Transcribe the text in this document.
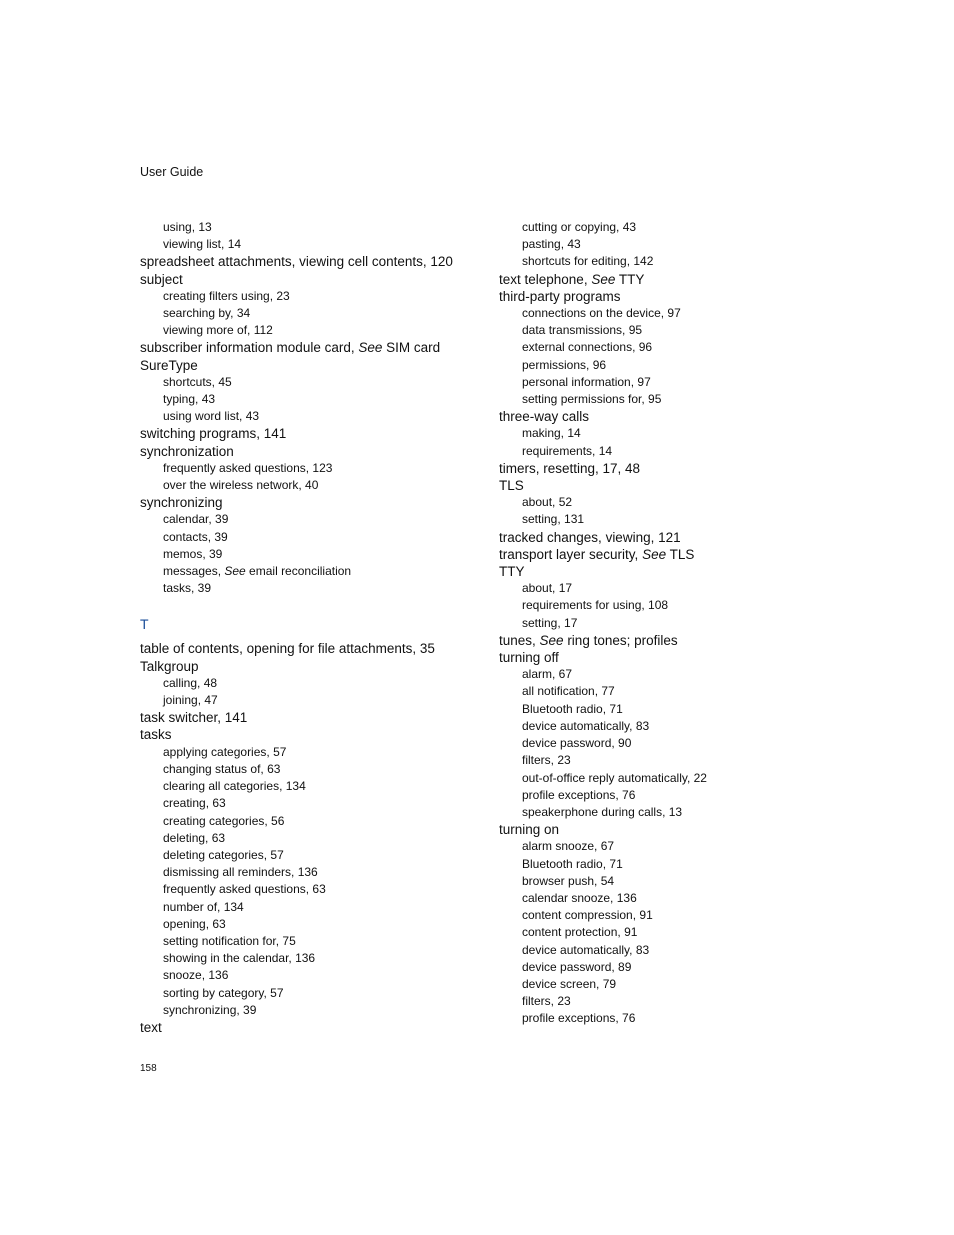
User Guide
using, 13
viewing list, 14
spreadsheet attachments, viewing cell contents, 120
subject
creating filters using, 23
searching by, 34
viewing more of, 112
subscriber information module card, See SIM card
SureType
shortcuts, 45
typing, 43
using word list, 43
switching programs, 141
synchronization
frequently asked questions, 123
over the wireless network, 40
synchronizing
calendar, 39
contacts, 39
memos, 39
messages, See email reconciliation
tasks, 39
T
table of contents, opening for file attachments, 35
Talkgroup
calling, 48
joining, 47
task switcher, 141
tasks
applying categories, 57
changing status of, 63
clearing all categories, 134
creating, 63
creating categories, 56
deleting, 63
deleting categories, 57
dismissing all reminders, 136
frequently asked questions, 63
number of, 134
opening, 63
setting notification for, 75
showing in the calendar, 136
snooze, 136
sorting by category, 57
synchronizing, 39
text
cutting or copying, 43
pasting, 43
shortcuts for editing, 142
text telephone, See TTY
third-party programs
connections on the device, 97
data transmissions, 95
external connections, 96
permissions, 96
personal information, 97
setting permissions for, 95
three-way calls
making, 14
requirements, 14
timers, resetting, 17, 48
TLS
about, 52
setting, 131
tracked changes, viewing, 121
transport layer security, See TLS
TTY
about, 17
requirements for using, 108
setting, 17
tunes, See ring tones; profiles
turning off
alarm, 67
all notification, 77
Bluetooth radio, 71
device automatically, 83
device password, 90
filters, 23
out-of-office reply automatically, 22
profile exceptions, 76
speakerphone during calls, 13
turning on
alarm snooze, 67
Bluetooth radio, 71
browser push, 54
calendar snooze, 136
content compression, 91
content protection, 91
device automatically, 83
device password, 89
device screen, 79
filters, 23
profile exceptions, 76
158
